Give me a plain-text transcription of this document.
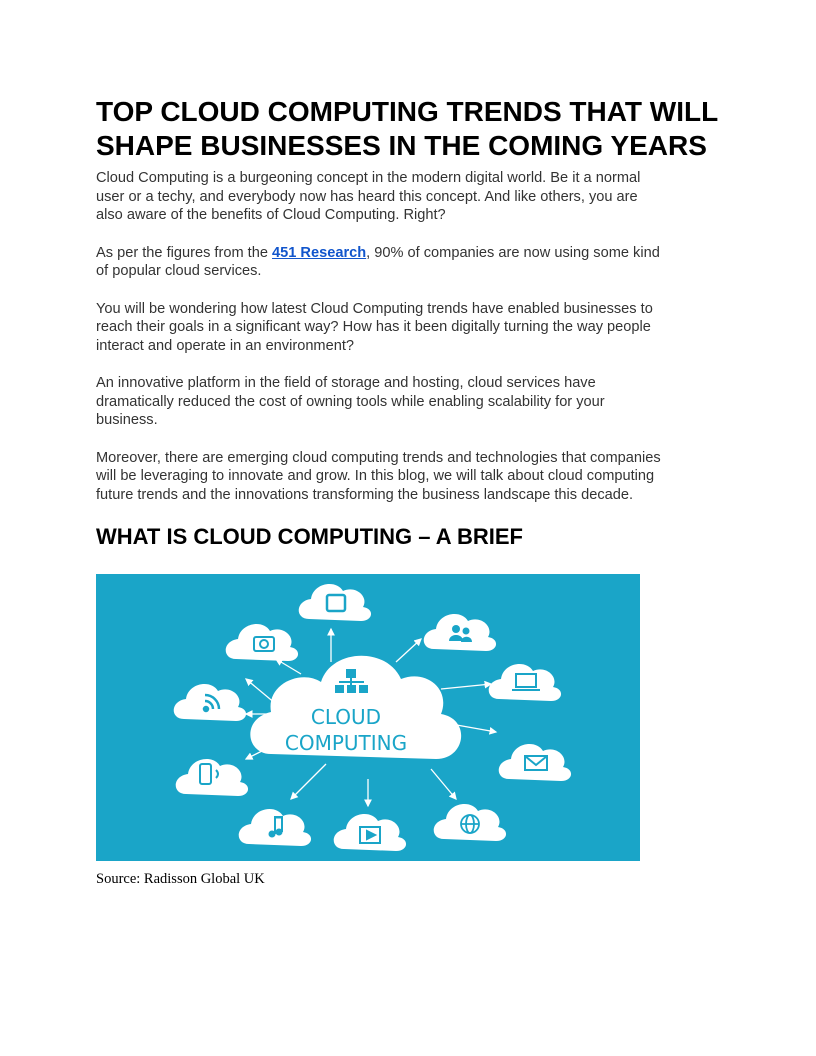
TOP CLOUD COMPUTING TRENDS THAT WILL SHAPE BUSINESSES IN THE COMING YEARS

Cloud Computing is a burgeoning concept in the modern digital world. Be it a normal
user or a techy, and everybody now has heard this concept. And like others, you are
also aware of the benefits of Cloud Computing. Right?

As per the figures from the 451 Research, 90% of companies are now using some kind
of popular cloud services.

You will be wondering how latest Cloud Computing trends have enabled businesses to
reach their goals in a significant way? How has it been digitally turning the way people
interact and operate in an environment?

An innovative platform in the field of storage and hosting, cloud services have
dramatically reduced the cost of owning tools while enabling scalability for your
business.

Moreover, there are emerging cloud computing trends and technologies that companies
will be leveraging to innovate and grow. In this blog, we will talk about cloud computing
future trends and the innovations transforming the business landscape this decade.

WHAT IS CLOUD COMPUTING – A BRIEF
CLOUD
COMPUTING
Source: Radisson Global UK
